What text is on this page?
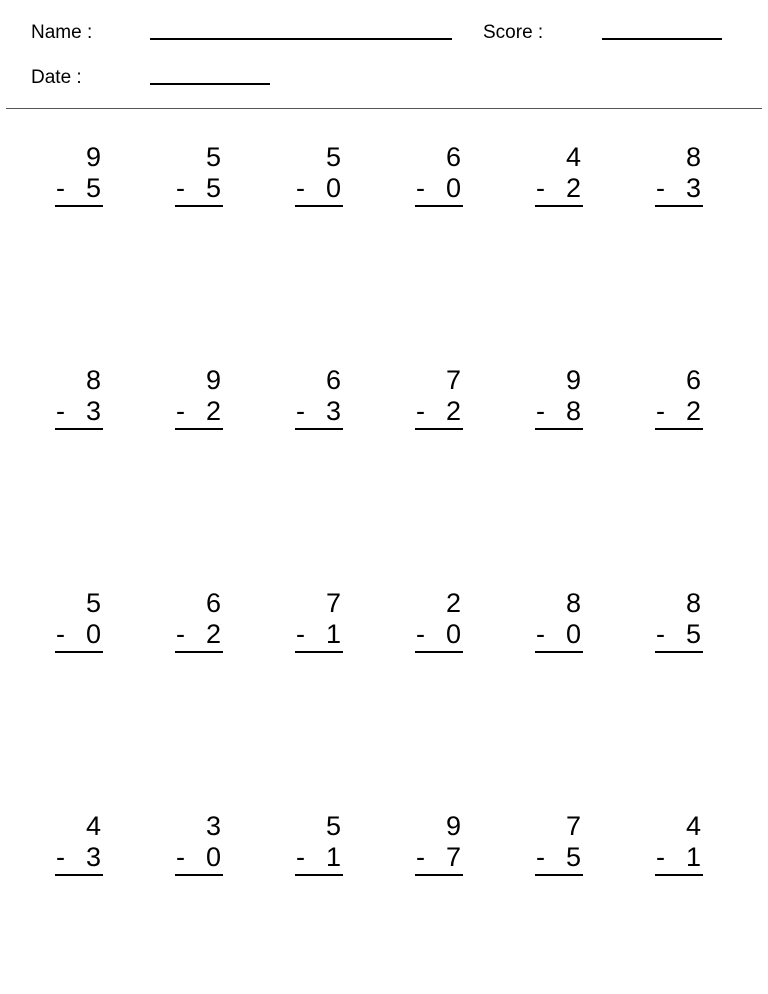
Name :	Score :
Date :
9
- 5
5
- 5
5
- 0
6
- 0
4
- 2
8
- 3
8
- 3
9
- 2
6
- 3
7
- 2
9
- 8
6
- 2
5
- 0
6
- 2
7
- 1
2
- 0
8
- 0
8
- 5
4
- 3
3
- 0
5
- 1
9
- 7
7
- 5
4
- 1
